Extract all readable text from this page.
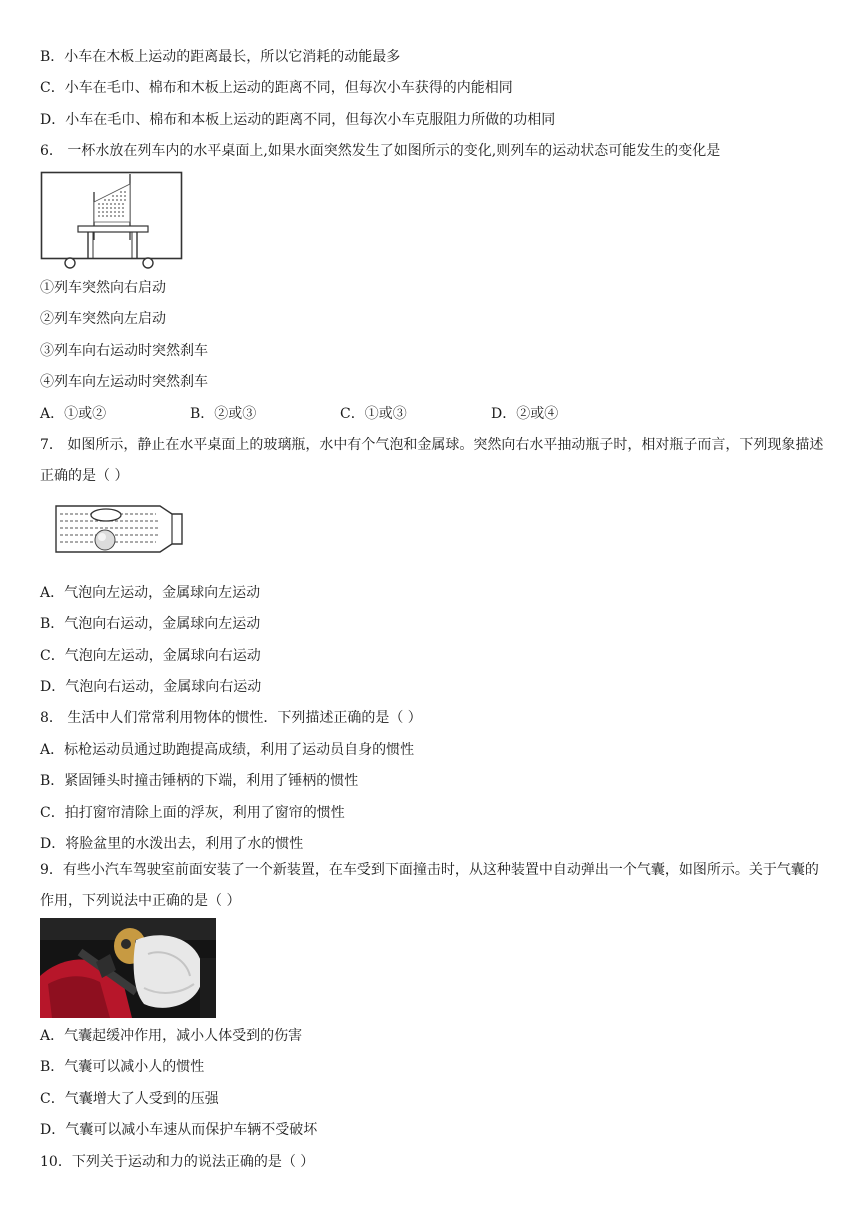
B．小车在木板上运动的距离最长，所以它消耗的动能最多
C．小车在毛巾、棉布和木板上运动的距离不同，但每次小车获得的内能相同
D．小车在毛巾、棉布和本板上运动的距离不同，但每次小车克服阻力所做的功相同
6． 一杯水放在列车内的水平桌面上,如果水面突然发生了如图所示的变化,则列车的运动状态可能发生的变化是
①列车突然向右启动
②列车突然向左启动
③列车向右运动时突然刹车
④列车向左运动时突然刹车
A．①或②	B．②或③	C．①或③	D．②或④
7． 如图所示，静止在水平桌面上的玻璃瓶，水中有个气泡和金属球。突然向右水平抽动瓶子时，相对瓶子而言，下列现象描述正确的是（ ）
A．气泡向左运动，金属球向左运动
B．气泡向右运动，金属球向左运动
C．气泡向左运动，金属球向右运动
D．气泡向右运动，金属球向右运动
8． 生活中人们常常利用物体的惯性．下列描述正确的是（ ）
A．标枪运动员通过助跑提高成绩，利用了运动员自身的惯性
B．紧固锤头时撞击锤柄的下端，利用了锤柄的惯性
C．拍打窗帘清除上面的浮灰，利用了窗帘的惯性
D．将脸盆里的水泼出去，利用了水的惯性
9．有些小汽车驾驶室前面安装了一个新装置，在车受到下面撞击时，从这种装置中自动弹出一个气囊，如图所示。关于气囊的作用，下列说法中正确的是（ ）
A．气囊起缓冲作用，减小人体受到的伤害
B．气囊可以减小人的惯性
C．气囊增大了人受到的压强
D．气囊可以减小车速从而保护车辆不受破坏
10．下列关于运动和力的说法正确的是（ ）
